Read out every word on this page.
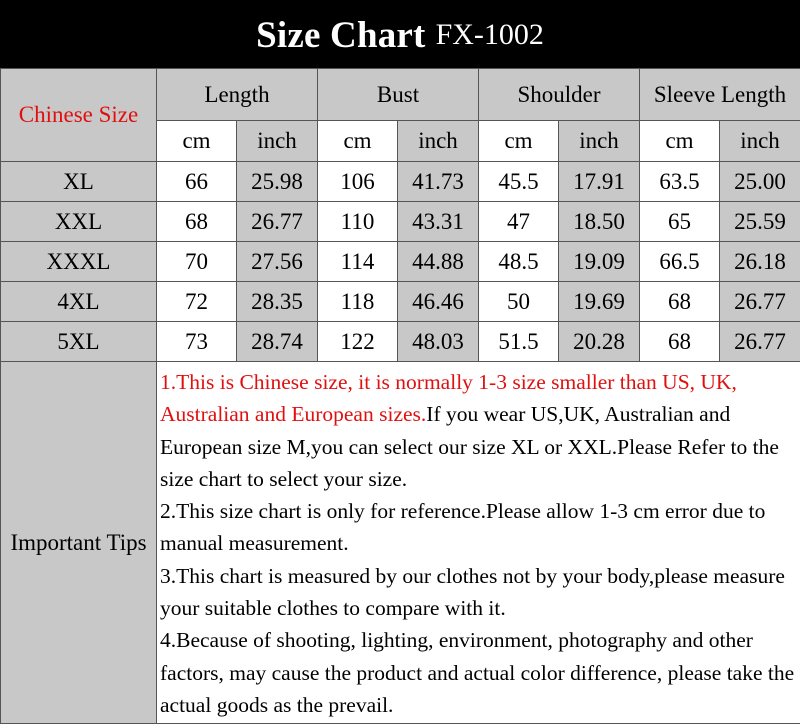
Size Chart FX-1002
Chinese Size	Length		Bust		Shoulder		Sleeve Length	
	cm	inch	cm	inch	cm	inch	cm	inch
XL	66	25.98	106	41.73	45.5	17.91	63.5	25.00
XXL	68	26.77	110	43.31	47	18.50	65	25.59
XXXL	70	27.56	114	44.88	48.5	19.09	66.5	26.18
4XL	72	28.35	118	46.46	50	19.69	68	26.77
5XL	73	28.74	122	48.03	51.5	20.28	68	26.77
Important Tips	1.This is Chinese size, it is normally 1-3 size smaller than US, UK, Australian and European sizes.If you wear US,UK, Australian and European size M,you can select our size XL or XXL.Please Refer to the size chart to select your size.

2.This size chart is only for reference.Please allow 1-3 cm error due to manual measurement.

3.This chart is measured by our clothes not by your body,please measure your suitable clothes to compare with it.

4.Because of shooting, lighting, environment, photography and other factors, may cause the product and actual color difference, please take the actual goods as the prevail.							
